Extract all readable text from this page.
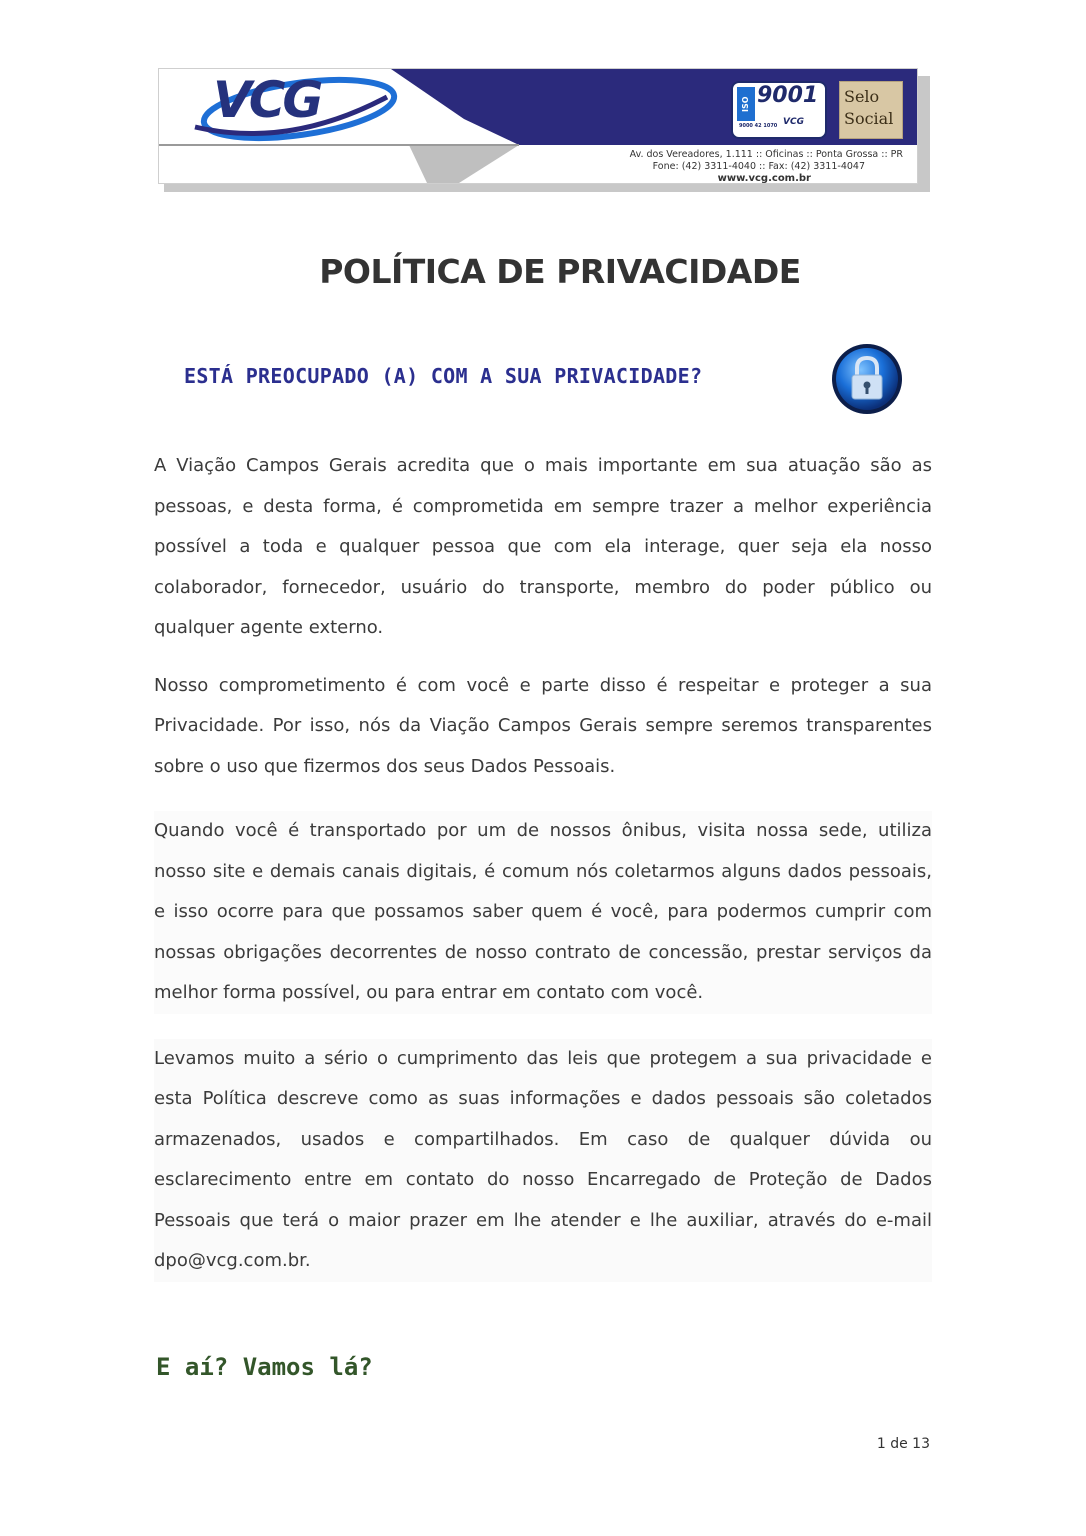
VCG	ISO 9001
9000 42 1070 VCG
Selo
Social
Av. dos Vereadores, 1.111 :: Oficinas :: Ponta Grossa :: PR
Fone: (42) 3311-4040 :: Fax: (42) 3311-4047
www.vcg.com.br
POLÍTICA DE PRIVACIDADE
ESTÁ PREOCUPADO (A) COM A SUA PRIVACIDADE?

A Viação Campos Gerais acredita que o mais importante em sua atuação são as pessoas, e desta forma, é comprometida em sempre trazer a melhor experiência possível a toda e qualquer pessoa que com ela interage, quer seja ela nosso colaborador, fornecedor, usuário do transporte, membro do poder público ou qualquer agente externo.

Nosso comprometimento é com você e parte disso é respeitar e proteger a sua Privacidade. Por isso, nós da Viação Campos Gerais sempre seremos transparentes sobre o uso que fizermos dos seus Dados Pessoais.

Quando você é transportado por um de nossos ônibus, visita nossa sede, utiliza nosso site e demais canais digitais, é comum nós coletarmos alguns dados pessoais, e isso ocorre para que possamos saber quem é você, para podermos cumprir com nossas obrigações decorrentes de nosso contrato de concessão, prestar serviços da melhor forma possível, ou para entrar em contato com você.

Levamos muito a sério o cumprimento das leis que protegem a sua privacidade e esta Política descreve como as suas informações e dados pessoais são coletados armazenados, usados e compartilhados. Em caso de qualquer dúvida ou esclarecimento entre em contato do nosso Encarregado de Proteção de Dados Pessoais que terá o maior prazer em lhe atender e lhe auxiliar, através do e-mail dpo@vcg.com.br.

E aí? Vamos lá?
1 de 13
